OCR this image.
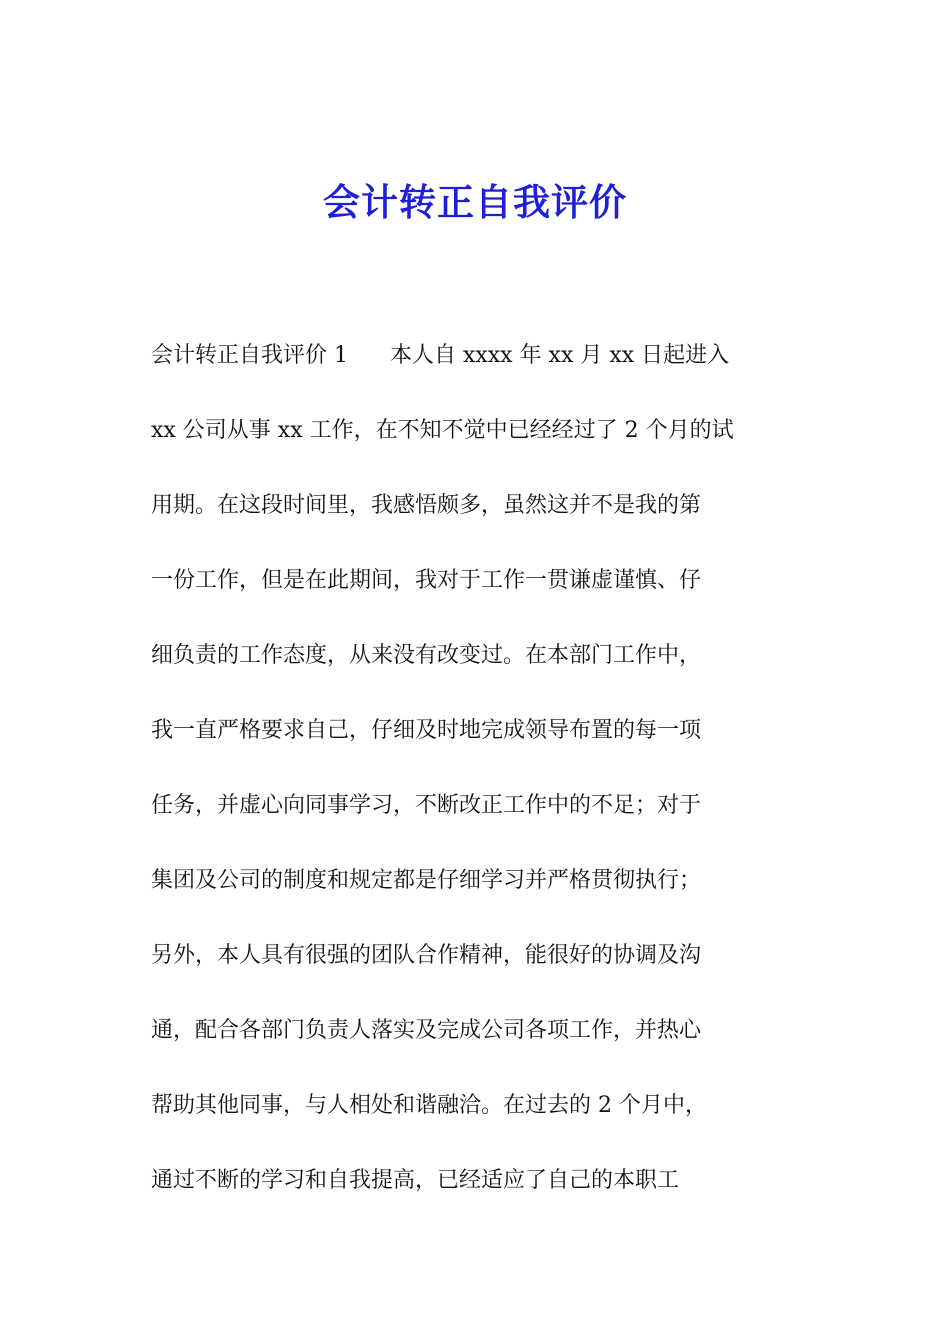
会计转正自我评价

会计转正自我评价 1      本人自 xxxx 年 xx 月 xx 日起进入

xx 公司从事 xx 工作，在不知不觉中已经经过了 2 个月的试

用期。在这段时间里，我感悟颇多，虽然这并不是我的第

一份工作，但是在此期间，我对于工作一贯谦虚谨慎、仔

细负责的工作态度，从来没有改变过。在本部门工作中，

我一直严格要求自己，仔细及时地完成领导布置的每一项

任务，并虚心向同事学习，不断改正工作中的不足；对于

集团及公司的制度和规定都是仔细学习并严格贯彻执行；

另外，本人具有很强的团队合作精神，能很好的协调及沟

通，配合各部门负责人落实及完成公司各项工作，并热心

帮助其他同事，与人相处和谐融洽。在过去的 2 个月中，

通过不断的学习和自我提高，已经适应了自己的本职工
